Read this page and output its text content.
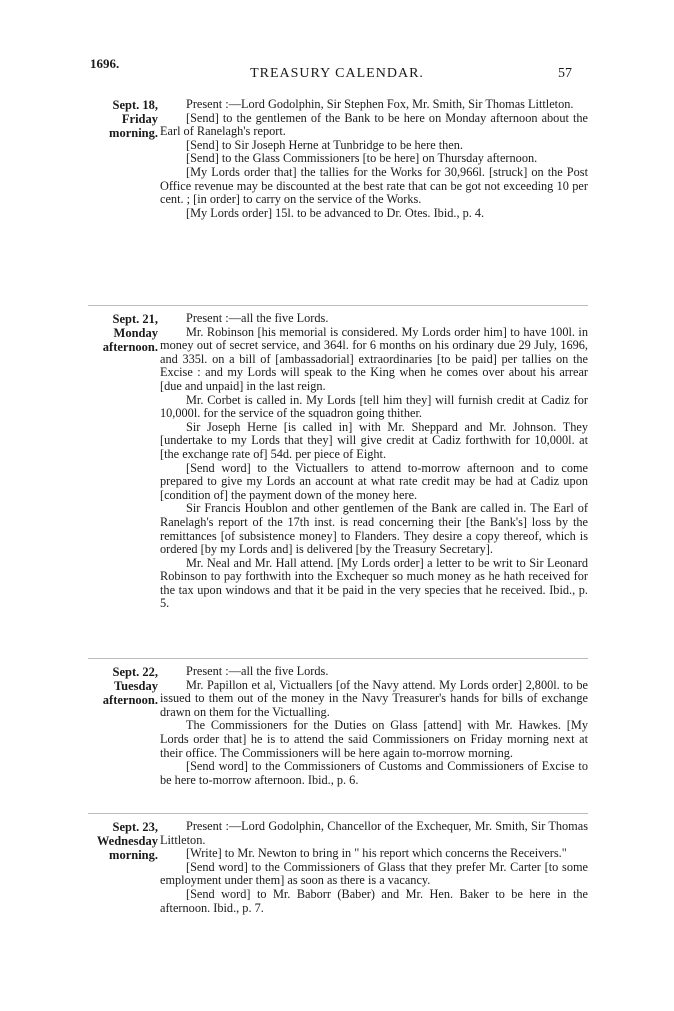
1696.
TREASURY CALENDAR.	57
Sept. 18,
Friday
morning.

Present :—Lord Godolphin, Sir Stephen Fox, Mr. Smith, Sir Thomas Littleton.

[Send] to the gentlemen of the Bank to be here on Monday afternoon about the Earl of Ranelagh's report.

[Send] to Sir Joseph Herne at Tunbridge to be here then.

[Send] to the Glass Commissioners [to be here] on Thursday afternoon.

[My Lords order that] the tallies for the Works for 30,966l. [struck] on the Post Office revenue may be discounted at the best rate that can be got not exceeding 10 per cent. ; [in order] to carry on the service of the Works.

[My Lords order] 15l. to be advanced to Dr. Otes. Ibid., p. 4.

Sept. 21,
Monday
afternoon.

Present :—all the five Lords.

Mr. Robinson [his memorial is considered. My Lords order him] to have 100l. in money out of secret service, and 364l. for 6 months on his ordinary due 29 July, 1696, and 335l. on a bill of [ambassadorial] extraordinaries [to be paid] per tallies on the Excise : and my Lords will speak to the King when he comes over about his arrear [due and unpaid] in the last reign.

Mr. Corbet is called in. My Lords [tell him they] will furnish credit at Cadiz for 10,000l. for the service of the squadron going thither.

Sir Joseph Herne [is called in] with Mr. Sheppard and Mr. Johnson. They [undertake to my Lords that they] will give credit at Cadiz forthwith for 10,000l. at [the exchange rate of] 54d. per piece of Eight.

[Send word] to the Victuallers to attend to-morrow afternoon and to come prepared to give my Lords an account at what rate credit may be had at Cadiz upon [condition of] the payment down of the money here.

Sir Francis Houblon and other gentlemen of the Bank are called in. The Earl of Ranelagh's report of the 17th inst. is read concerning their [the Bank's] loss by the remittances [of subsistence money] to Flanders. They desire a copy thereof, which is ordered [by my Lords and] is delivered [by the Treasury Secretary].

Mr. Neal and Mr. Hall attend. [My Lords order] a letter to be writ to Sir Leonard Robinson to pay forthwith into the Exchequer so much money as he hath received for the tax upon windows and that it be paid in the very species that he received. Ibid., p. 5.

Sept. 22,
Tuesday
afternoon.

Present :—all the five Lords.

Mr. Papillon et al, Victuallers [of the Navy attend. My Lords order] 2,800l. to be issued to them out of the money in the Navy Treasurer's hands for bills of exchange drawn on them for the Victualling.

The Commissioners for the Duties on Glass [attend] with Mr. Hawkes. [My Lords order that] he is to attend the said Commissioners on Friday morning next at their office. The Commissioners will be here again to-morrow morning.

[Send word] to the Commissioners of Customs and Commissioners of Excise to be here to-morrow afternoon. Ibid., p. 6.

Sept. 23,
Wednesday
morning.

Present :—Lord Godolphin, Chancellor of the Exchequer, Mr. Smith, Sir Thomas Littleton.

[Write] to Mr. Newton to bring in " his report which concerns the Receivers."

[Send word] to the Commissioners of Glass that they prefer Mr. Carter [to some employment under them] as soon as there is a vacancy.

[Send word] to Mr. Baborr (Baber) and Mr. Hen. Baker to be here in the afternoon. Ibid., p. 7.
